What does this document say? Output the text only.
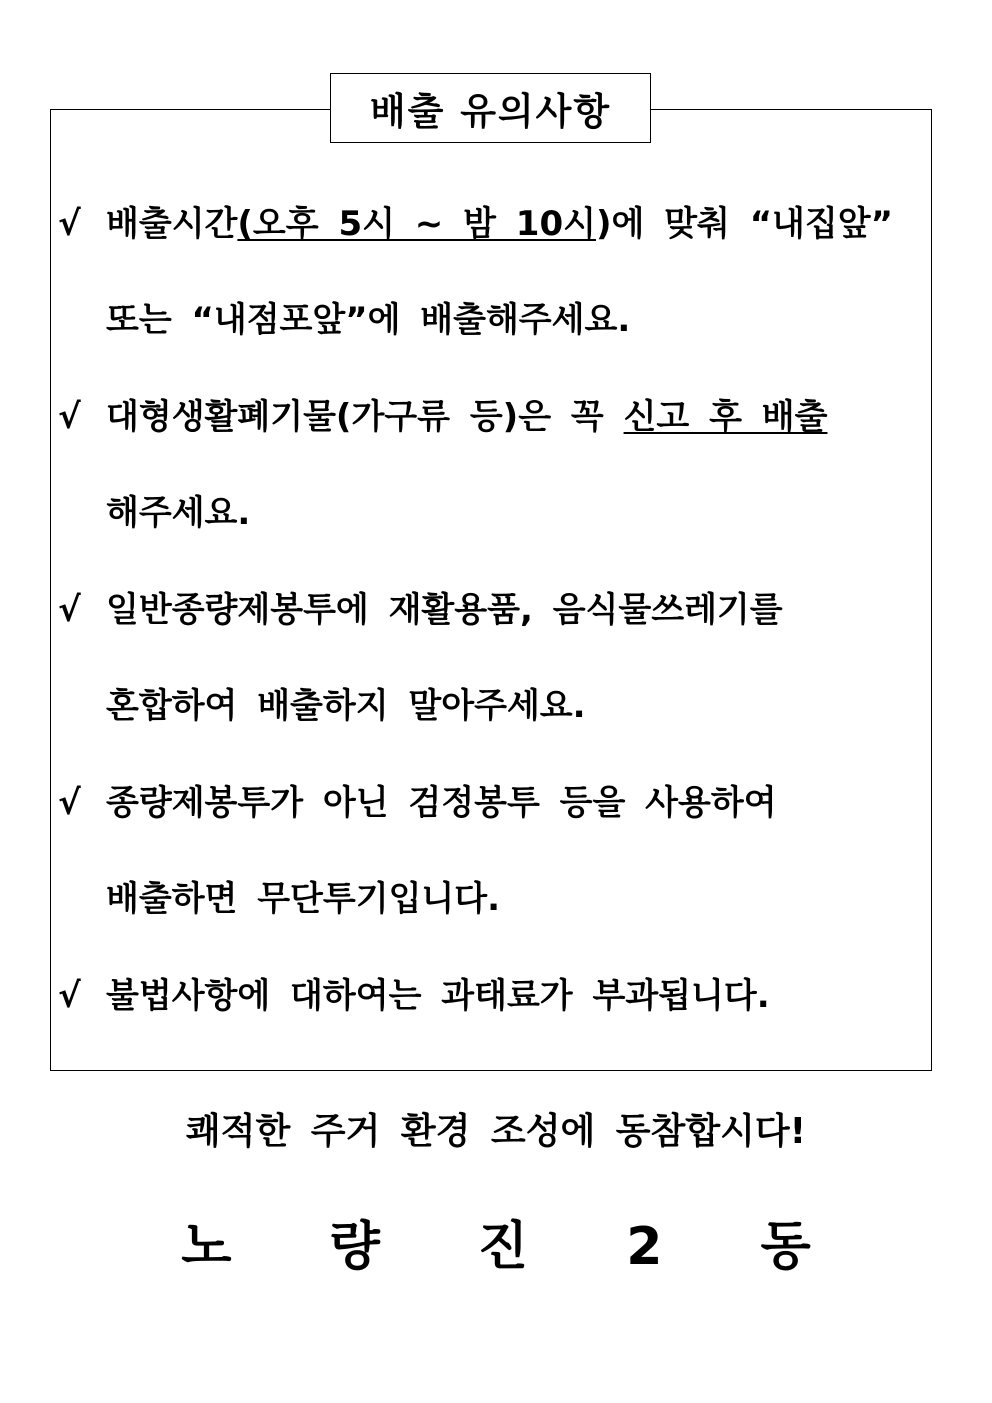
배출 유의사항
√ 배출시간(오후 5시 ~ 밤 10시)에 맞춰 “내집앞”
또는 “내점포앞”에 배출해주세요.
√ 대형생활폐기물(가구류 등)은 꼭 신고 후 배출
해주세요.
√ 일반종량제봉투에 재활용품, 음식물쓰레기를
혼합하여 배출하지 말아주세요.
√ 종량제봉투가 아닌 검정봉투 등을 사용하여
배출하면 무단투기입니다.
√ 불법사항에 대하여는 과태료가 부과됩니다.
쾌적한 주거 환경 조성에 동참합시다!
노 량 진 2 동
